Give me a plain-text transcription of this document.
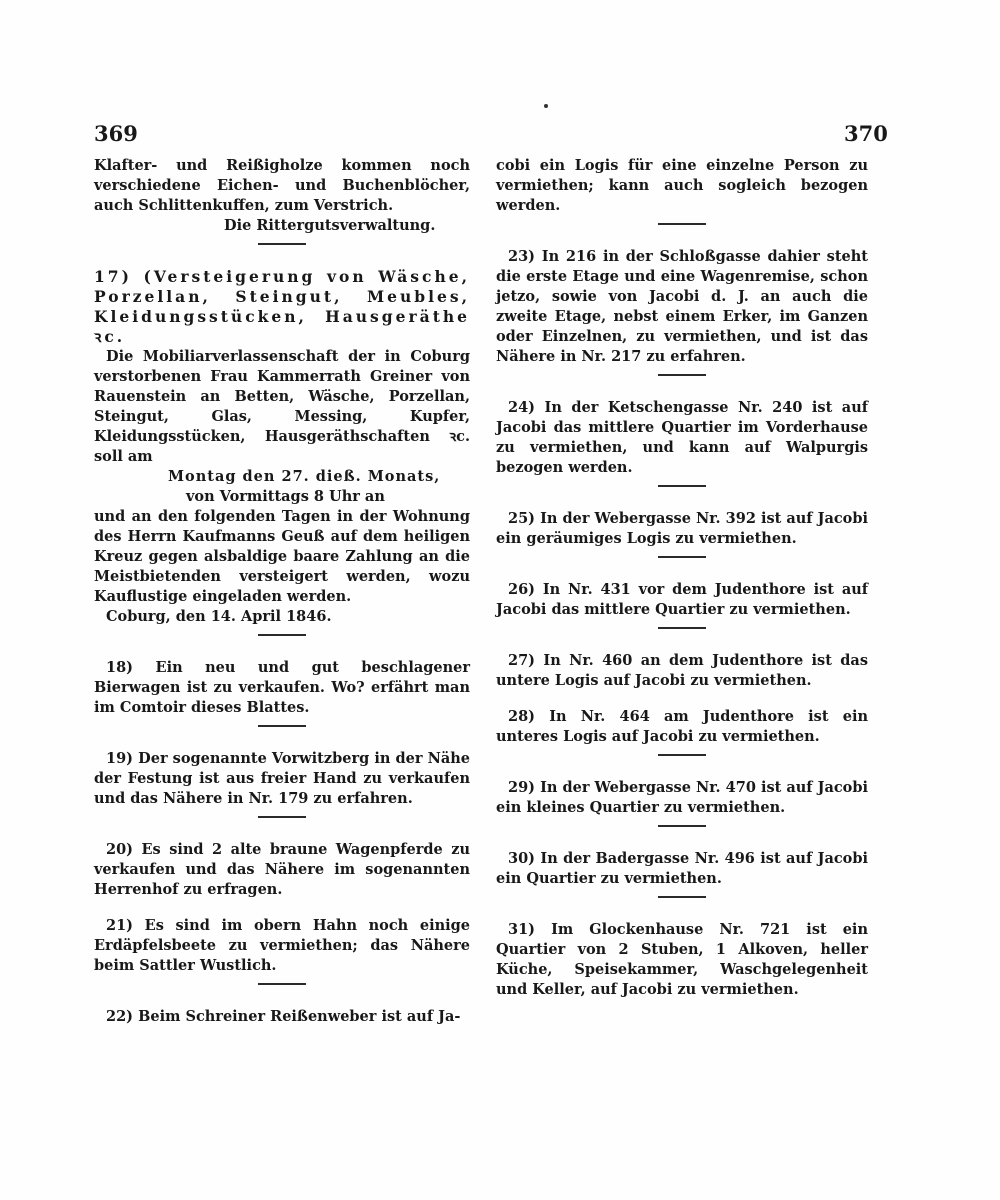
369	370

Klafter- und Reißigholze kommen noch verschiedene Eichen- und Buchenblöcher, auch Schlittenkuffen, zum Verstrich.

Die Rittergutsverwaltung.

17) (Versteigerung von Wäsche, Porzellan, Steingut, Meubles, Kleidungsstücken, Hausgeräthe ꝛc.

Die Mobiliarverlassenschaft der in Coburg verstorbenen Frau Kammerrath Greiner von Rauenstein an Betten, Wäsche, Porzellan, Steingut, Glas, Messing, Kupfer, Kleidungsstücken, Hausgeräthschaften ꝛc. soll am

Montag den 27. dieß. Monats,

von Vormittags 8 Uhr an

und an den folgenden Tagen in der Wohnung des Herrn Kaufmanns Geuß auf dem heiligen Kreuz gegen alsbaldige baare Zahlung an die Meistbietenden versteigert werden, wozu Kauflustige eingeladen werden.

Coburg, den 14. April 1846.

18) Ein neu und gut beschlagener Bierwagen ist zu verkaufen. Wo? erfährt man im Comtoir dieses Blattes.

19) Der sogenannte Vorwitzberg in der Nähe der Festung ist aus freier Hand zu verkaufen und das Nähere in Nr. 179 zu erfahren.

20) Es sind 2 alte braune Wagenpferde zu verkaufen und das Nähere im sogenannten Herrenhof zu erfragen.

21) Es sind im obern Hahn noch einige Erdäpfelsbeete zu vermiethen; das Nähere beim Sattler Wustlich.

22) Beim Schreiner Reißenweber ist auf Ja-

cobi ein Logis für eine einzelne Person zu vermiethen; kann auch sogleich bezogen werden.

23) In 216 in der Schloßgasse dahier steht die erste Etage und eine Wagenremise, schon jetzo, sowie von Jacobi d. J. an auch die zweite Etage, nebst einem Erker, im Ganzen oder Einzelnen, zu vermiethen, und ist das Nähere in Nr. 217 zu erfahren.

24) In der Ketschengasse Nr. 240 ist auf Jacobi das mittlere Quartier im Vorderhause zu vermiethen, und kann auf Walpurgis bezogen werden.

25) In der Webergasse Nr. 392 ist auf Jacobi ein geräumiges Logis zu vermiethen.

26) In Nr. 431 vor dem Judenthore ist auf Jacobi das mittlere Quartier zu vermiethen.

27) In Nr. 460 an dem Judenthore ist das untere Logis auf Jacobi zu vermiethen.

28) In Nr. 464 am Judenthore ist ein unteres Logis auf Jacobi zu vermiethen.

29) In der Webergasse Nr. 470 ist auf Jacobi ein kleines Quartier zu vermiethen.

30) In der Badergasse Nr. 496 ist auf Jacobi ein Quartier zu vermiethen.

31) Im Glockenhause Nr. 721 ist ein Quartier von 2 Stuben, 1 Alkoven, heller Küche, Speisekammer, Waschgelegenheit und Keller, auf Jacobi zu vermiethen.
